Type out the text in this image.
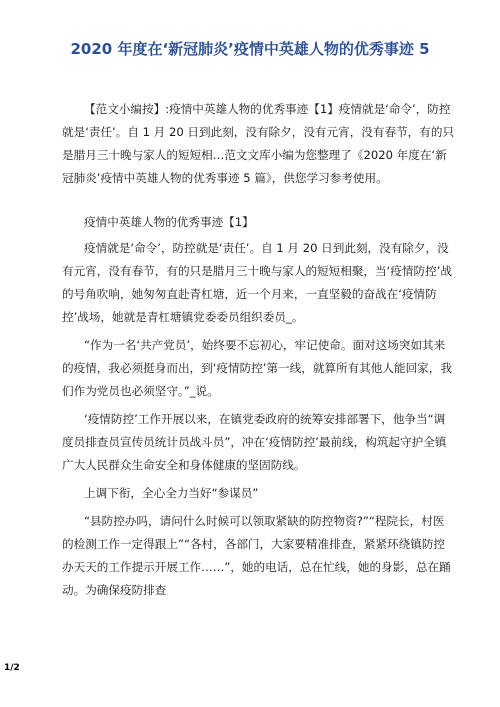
2020 年度在‘新冠肺炎’疫情中英雄人物的优秀事迹 5

【范文小编按】:疫情中英雄人物的优秀事迹【1】疫情就是‘命令’，防控就是‘责任’。自 1 月 20 日到此刻，没有除夕，没有元宵，没有春节，有的只是腊月三十晚与家人的短短相…范文文库小编为您整理了《2020 年度在‘新冠肺炎’疫情中英雄人物的优秀事迹 5 篇》，供您学习参考使用。

疫情中英雄人物的优秀事迹【1】

疫情就是‘命令’，防控就是‘责任’。自 1 月 20 日到此刻，没有除夕，没有元宵，没有春节，有的只是腊月三十晚与家人的短短相聚，当‘疫情防控’战的号角吹响，她匆匆直赴青杠塘，近一个月来，一直坚毅的奋战在‘疫情防控’战场，她就是青杠塘镇党委委员组织委员_。

“作为一名‘共产党员’，始终要不忘初心，牢记使命。面对这场突如其来的疫情，我必须挺身而出，到‘疫情防控’第一线，就算所有其他人能回家，我们作为党员也必须坚守。”_说。

‘疫情防控’工作开展以来，在镇党委政府的统筹安排部署下，他争当“调度员排查员宣传员统计员战斗员”，冲在‘疫情防控’最前线，构筑起守护全镇广大人民群众生命安全和身体健康的坚固防线。

上调下衔，全心全力当好“参谋员”

“县防控办吗，请问什么时候可以领取紧缺的防控物资?”“程院长，村医的检测工作一定得跟上”“各村，各部门，大家要精准排查，紧紧环绕镇防控办天天的工作提示开展工作……”，她的电话，总在忙线，她的身影，总在踊动。为确保疫防排查

1/2
